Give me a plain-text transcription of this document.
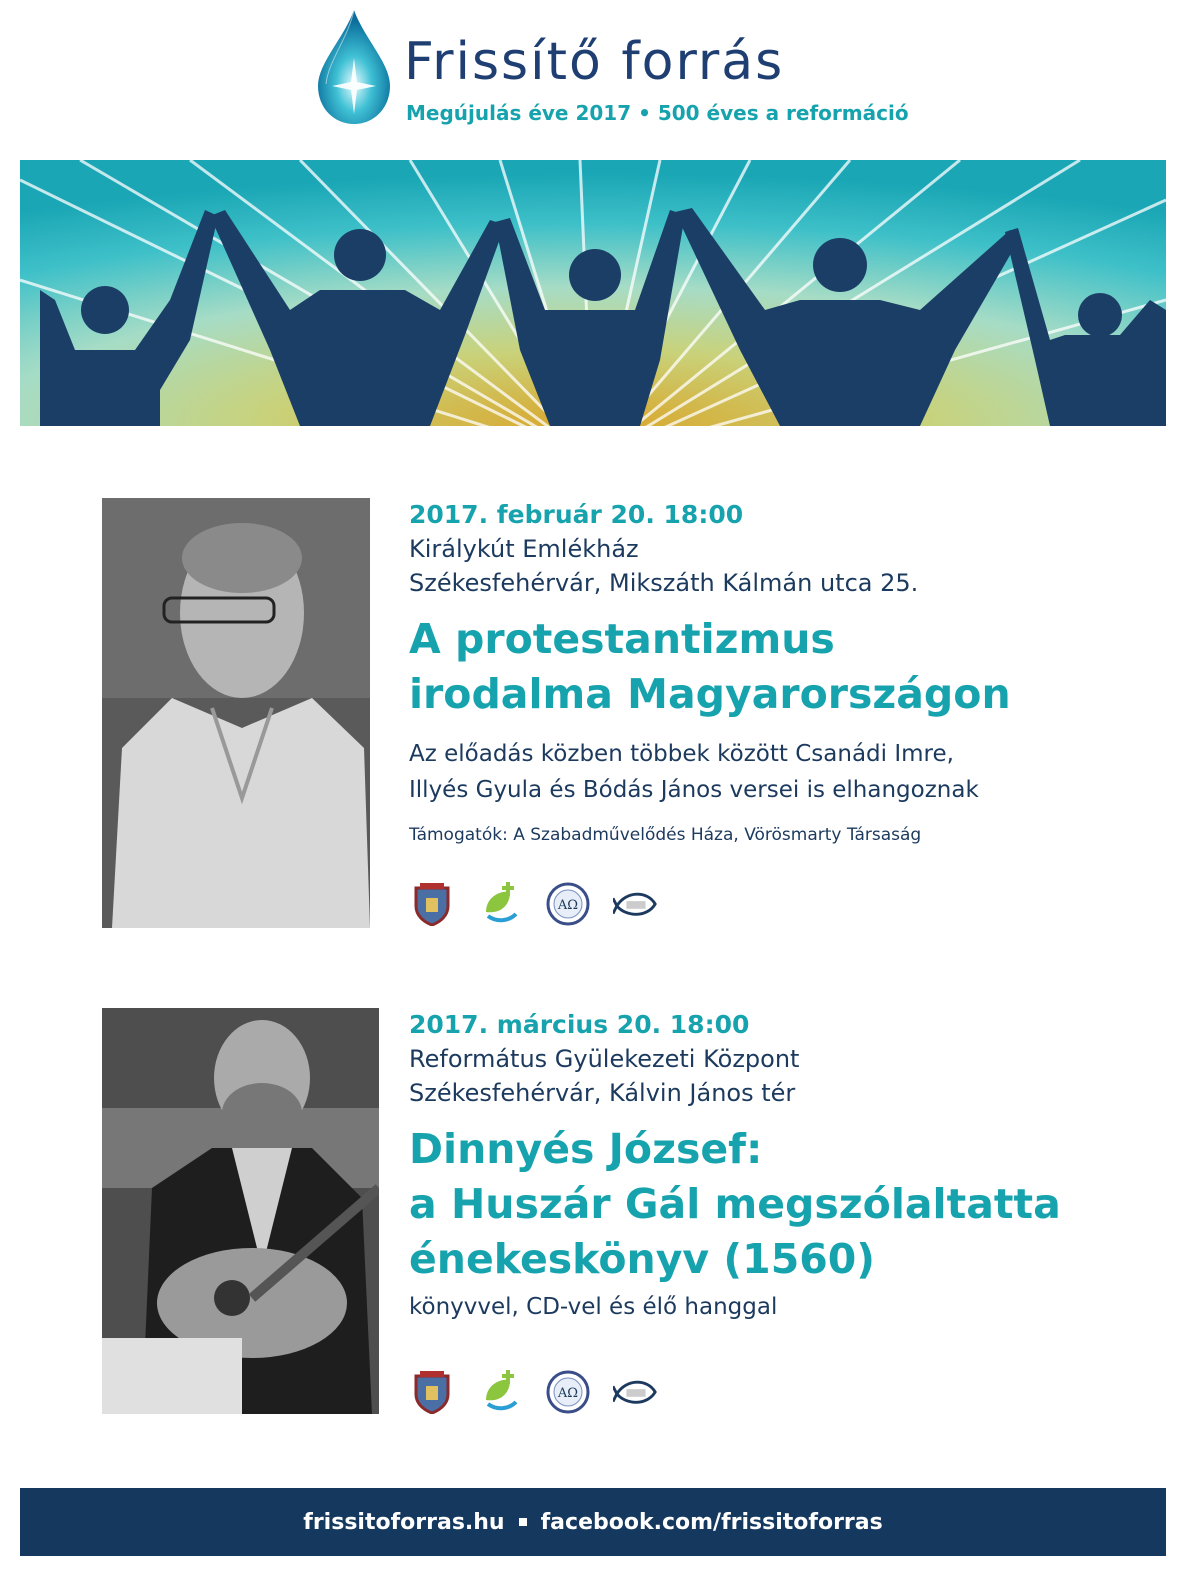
Frissítő forrás
Megújulás éve 2017 • 500 éves a reformáció
2017. február 20. 18:00
Királykút Emlékház
Székesfehérvár, Mikszáth Kálmán utca 25.
A protestantizmus
irodalma Magyarországon
Az előadás közben többek között Csanádi Imre,
Illyés Gyula és Bódás János versei is elhangoznak
Támogatók: A Szabadművelődés Háza, Vörösmarty Társaság
ΑΩ
2017. március 20. 18:00
Református Gyülekezeti Központ
Székesfehérvár, Kálvin János tér
Dinnyés József:
a Huszár Gál megszólaltatta
énekeskönyv (1560)
könyvvel, CD-vel és élő hanggal
ΑΩ
frissitoforras.hu facebook.com/frissitoforras
